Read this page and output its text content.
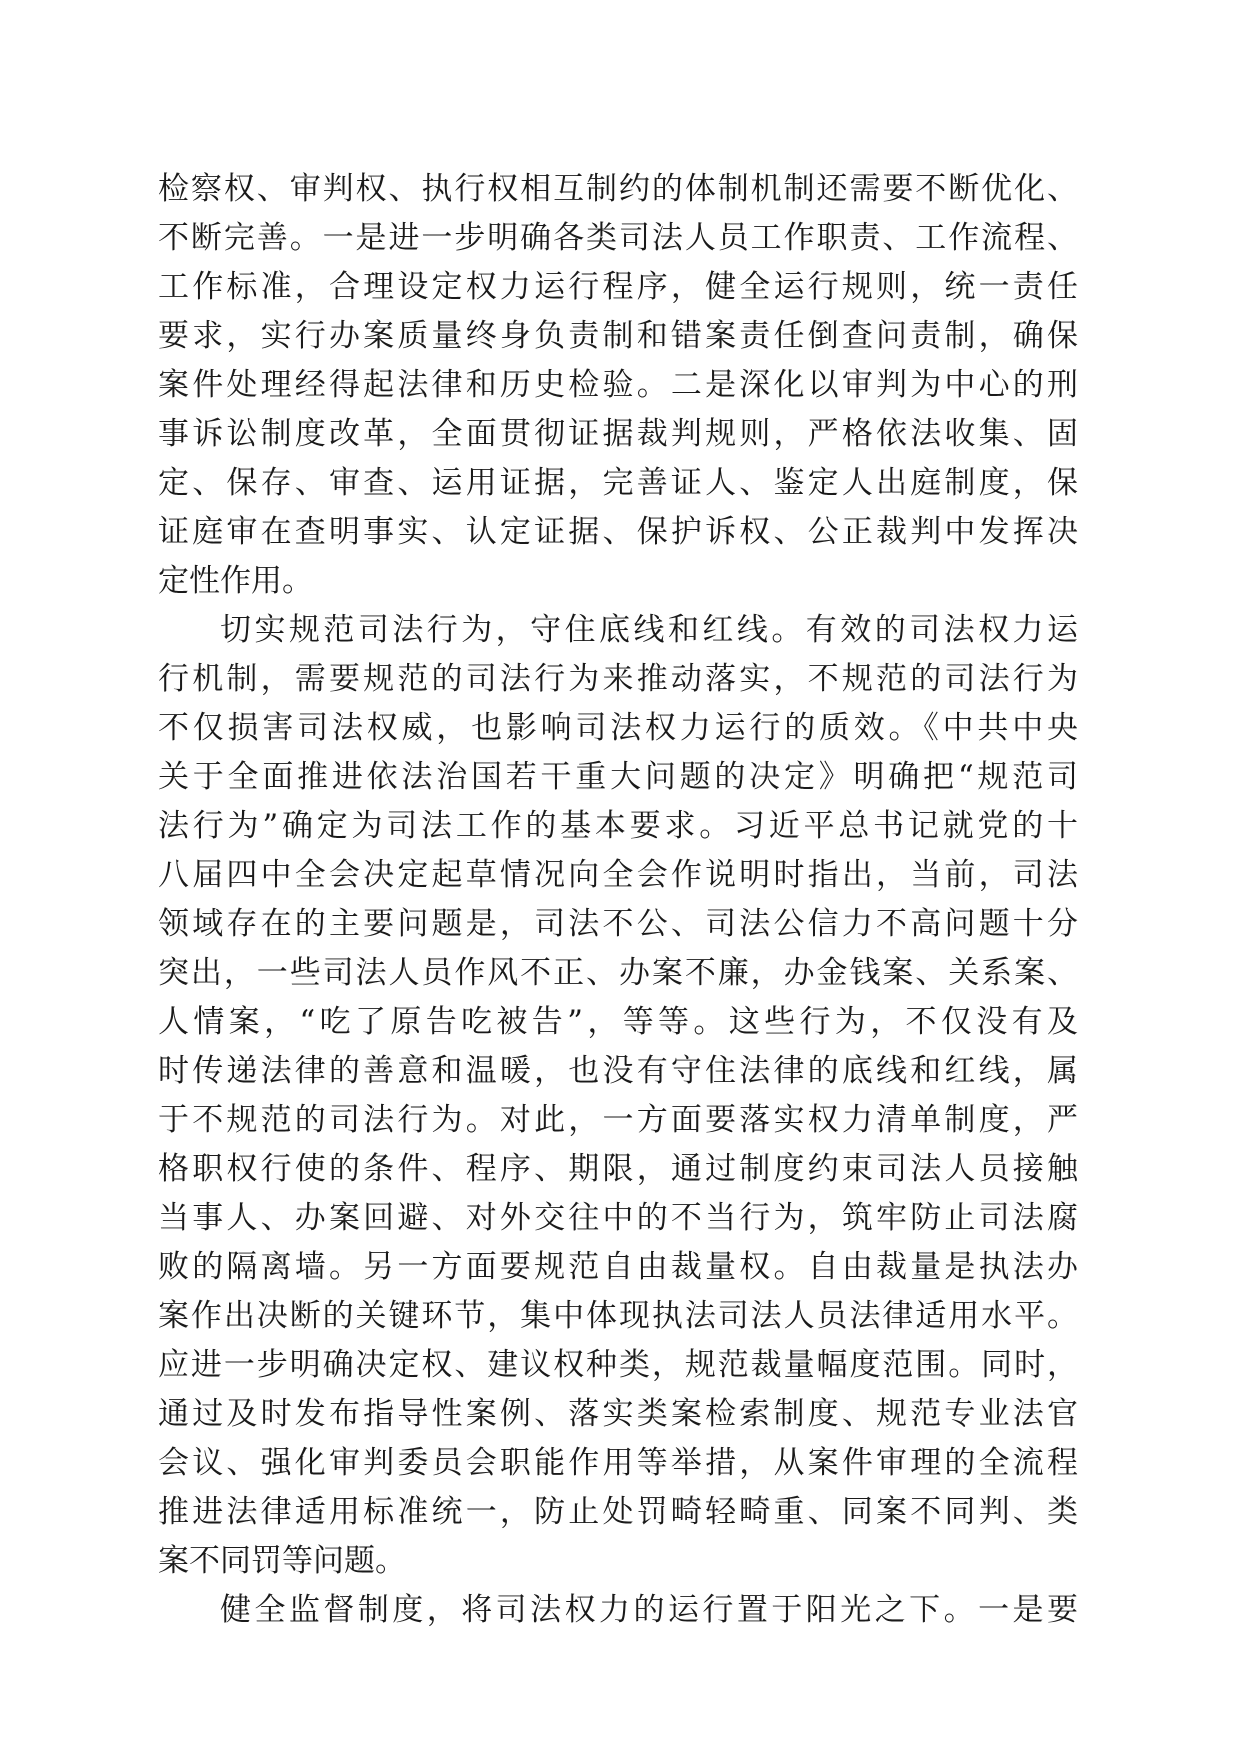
检察权、审判权、执行权相互制约的体制机制还需要不断优化、
不断完善。一是进一步明确各类司法人员工作职责、工作流程、
工作标准，合理设定权力运行程序，健全运行规则，统一责任
要求，实行办案质量终身负责制和错案责任倒查问责制，确保
案件处理经得起法律和历史检验。二是深化以审判为中心的刑
事诉讼制度改革，全面贯彻证据裁判规则，严格依法收集、固
定、保存、审查、运用证据，完善证人、鉴定人出庭制度，保
证庭审在查明事实、认定证据、保护诉权、公正裁判中发挥决
定性作用。
切实规范司法行为，守住底线和红线。有效的司法权力运
行机制，需要规范的司法行为来推动落实，不规范的司法行为
不仅损害司法权威，也影响司法权力运行的质效。《中共中央
关于全面推进依法治国若干重大问题的决定》明确把“规范司
法行为”确定为司法工作的基本要求。习近平总书记就党的十
八届四中全会决定起草情况向全会作说明时指出，当前，司法
领域存在的主要问题是，司法不公、司法公信力不高问题十分
突出，一些司法人员作风不正、办案不廉，办金钱案、关系案、
人情案，“吃了原告吃被告”，等等。这些行为，不仅没有及
时传递法律的善意和温暖，也没有守住法律的底线和红线，属
于不规范的司法行为。对此，一方面要落实权力清单制度，严
格职权行使的条件、程序、期限，通过制度约束司法人员接触
当事人、办案回避、对外交往中的不当行为，筑牢防止司法腐
败的隔离墙。另一方面要规范自由裁量权。自由裁量是执法办
案作出决断的关键环节，集中体现执法司法人员法律适用水平。
应进一步明确决定权、建议权种类，规范裁量幅度范围。同时，
通过及时发布指导性案例、落实类案检索制度、规范专业法官
会议、强化审判委员会职能作用等举措，从案件审理的全流程
推进法律适用标准统一，防止处罚畸轻畸重、同案不同判、类
案不同罚等问题。
健全监督制度，将司法权力的运行置于阳光之下。一是要
